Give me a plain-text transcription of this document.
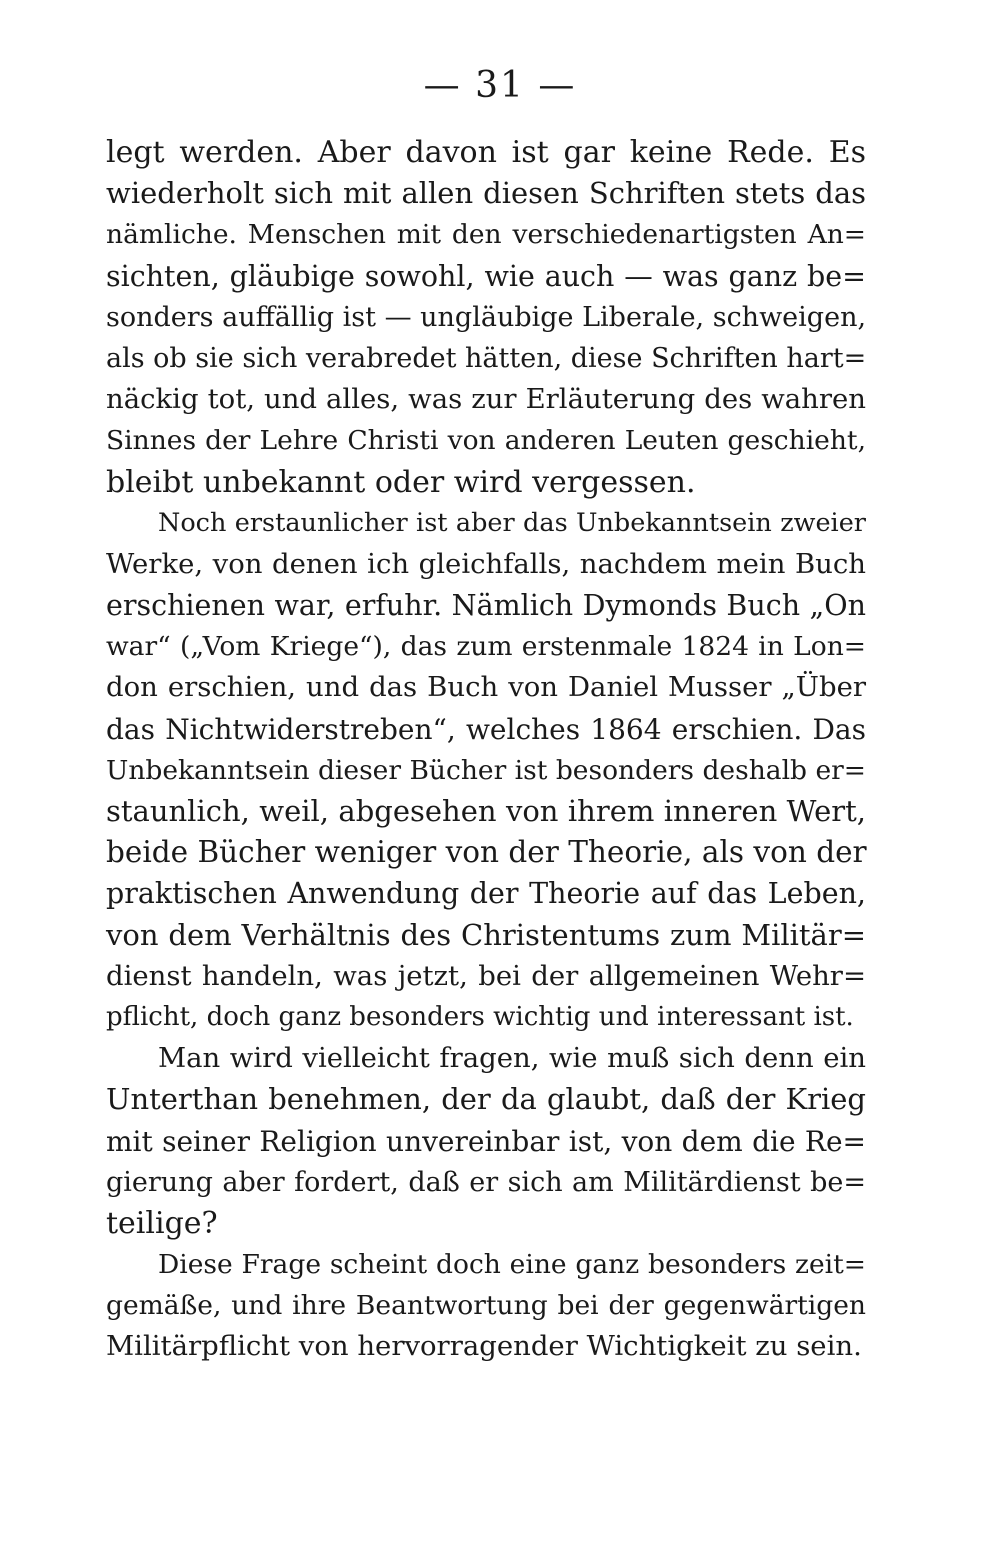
— 31 —
legt werden. Aber davon ist gar keine Rede. Es
wiederholt sich mit allen diesen Schriften stets das
nämliche. Menschen mit den verschiedenartigsten An=
sichten, gläubige sowohl, wie auch — was ganz be=
sonders auffällig ist — ungläubige Liberale, schweigen,
als ob sie sich verabredet hätten, diese Schriften hart=
näckig tot, und alles, was zur Erläuterung des wahren
Sinnes der Lehre Christi von anderen Leuten geschieht,
bleibt unbekannt oder wird vergessen.
Noch erstaunlicher ist aber das Unbekanntsein zweier
Werke, von denen ich gleichfalls, nachdem mein Buch
erschienen war, erfuhr. Nämlich Dymonds Buch „On
war“ („Vom Kriege“), das zum erstenmale 1824 in Lon=
don erschien, und das Buch von Daniel Musser „Über
das Nichtwiderstreben“, welches 1864 erschien. Das
Unbekanntsein dieser Bücher ist besonders deshalb er=
staunlich, weil, abgesehen von ihrem inneren Wert,
beide Bücher weniger von der Theorie, als von der
praktischen Anwendung der Theorie auf das Leben,
von dem Verhältnis des Christentums zum Militär=
dienst handeln, was jetzt, bei der allgemeinen Wehr=
pflicht, doch ganz besonders wichtig und interessant ist.
Man wird vielleicht fragen, wie muß sich denn ein
Unterthan benehmen, der da glaubt, daß der Krieg
mit seiner Religion unvereinbar ist, von dem die Re=
gierung aber fordert, daß er sich am Militärdienst be=
teilige?
Diese Frage scheint doch eine ganz besonders zeit=
gemäße, und ihre Beantwortung bei der gegenwärtigen
Militärpflicht von hervorragender Wichtigkeit zu sein.
